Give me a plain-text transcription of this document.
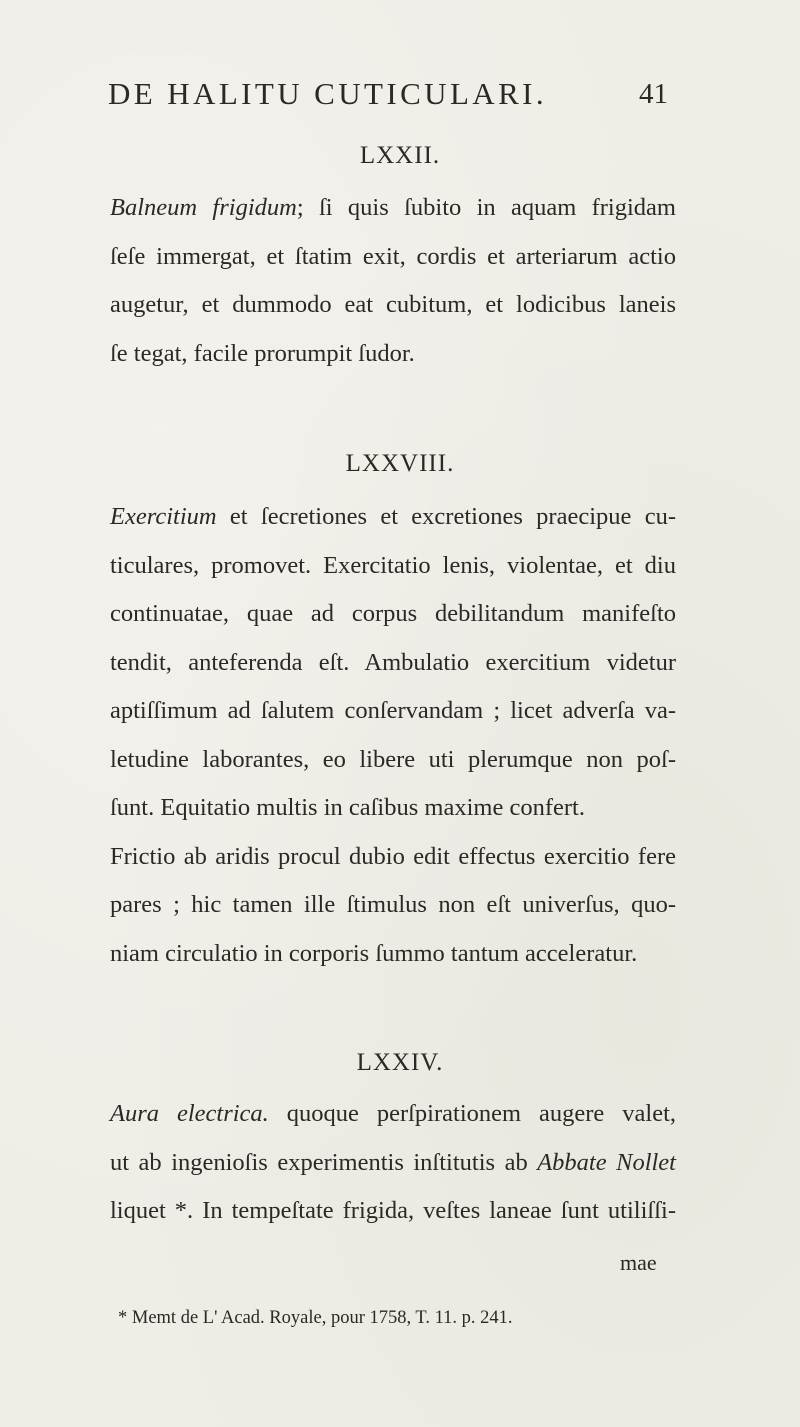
DE HALITU CUTICULARI.	41
LXXII.
Balneum frigidum; ſi quis ſubito in aquam frigidam
ſeſe immergat, et ſtatim exit, cordis et arteriarum actio
augetur, et dummodo eat cubitum, et lodicibus laneis
ſe tegat, facile prorumpit ſudor.
LXXVIII.
Exercitium et ſecretiones et excretiones praecipue cu-
ticulares, promovet. Exercitatio lenis, violentae, et diu
continuatae, quae ad corpus debilitandum manifeſto
tendit, anteferenda eſt. Ambulatio exercitium videtur
aptiſſimum ad ſalutem conſervandam ; licet adverſa va-
letudine laborantes, eo libere uti plerumque non poſ-
ſunt. Equitatio multis in caſibus maxime confert.
Frictio ab aridis procul dubio edit effectus exercitio fere
pares ; hic tamen ille ſtimulus non eſt univerſus, quo-
niam circulatio in corporis ſummo tantum acceleratur.
LXXIV.
Aura electrica. quoque perſpirationem augere valet,
ut ab ingenioſis experimentis inſtitutis ab Abbate Nollet
liquet *. In tempeſtate frigida, veſtes laneae ſunt utiliſſi-
mae
* Memt de L' Acad. Royale, pour 1758, T. 11. p. 241.
